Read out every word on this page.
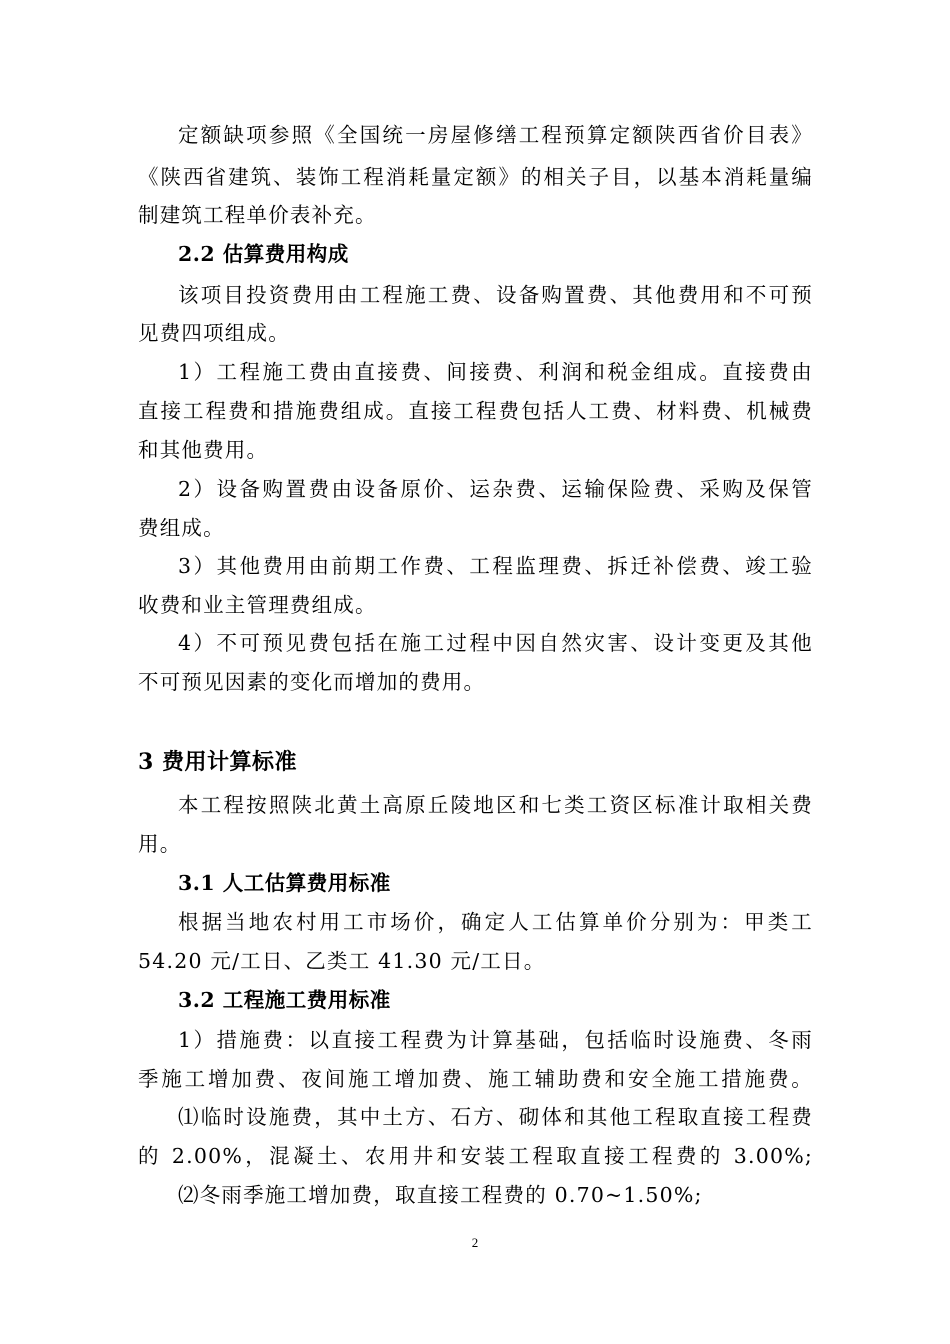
定额缺项参照《全国统一房屋修缮工程预算定额陕西省价目表》
《陕西省建筑、装饰工程消耗量定额》的相关子目，以基本消耗量编
制建筑工程单价表补充。
2.2 估算费用构成
该项目投资费用由工程施工费、设备购置费、其他费用和不可预
见费四项组成。
1）工程施工费由直接费、间接费、利润和税金组成。直接费由
直接工程费和措施费组成。直接工程费包括人工费、材料费、机械费
和其他费用。
2）设备购置费由设备原价、运杂费、运输保险费、采购及保管
费组成。
3）其他费用由前期工作费、工程监理费、拆迁补偿费、竣工验
收费和业主管理费组成。
4）不可预见费包括在施工过程中因自然灾害、设计变更及其他
不可预见因素的变化而增加的费用。
3 费用计算标准
本工程按照陕北黄土高原丘陵地区和七类工资区标准计取相关费
用。
3.1 人工估算费用标准
根据当地农村用工市场价，确定人工估算单价分别为：甲类工
54.20 元/工日、乙类工 41.30 元/工日。
3.2 工程施工费用标准
1）措施费：以直接工程费为计算基础，包括临时设施费、冬雨
季施工增加费、夜间施工增加费、施工辅助费和安全施工措施费。
⑴临时设施费，其中土方、石方、砌体和其他工程取直接工程费
的 2.00%，混凝土、农用井和安装工程取直接工程费的 3.00%;
⑵冬雨季施工增加费，取直接工程费的 0.70~1.50%;
2
